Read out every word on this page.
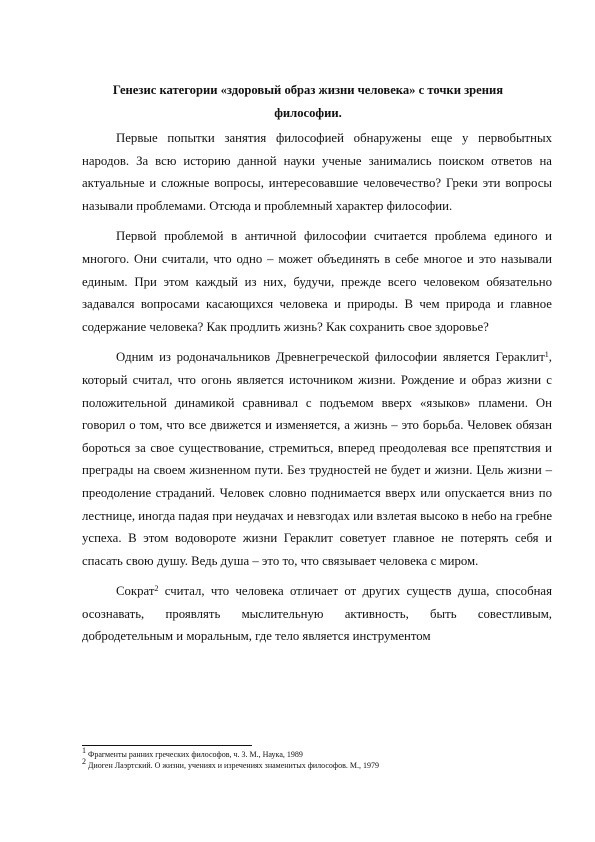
Генезис категории «здоровый образ жизни человека» с точки зрения
философии.

Первые попытки занятия философией обнаружены еще у первобытных народов. За всю историю данной науки ученые занимались поиском ответов на актуальные и сложные вопросы, интересовавшие человечество? Греки эти вопросы называли проблемами. Отсюда и проблемный характер философии.

Первой проблемой в античной философии считается проблема единого и многого. Они считали, что одно – может объединять в себе многое и это называли единым. При этом каждый из них, будучи, прежде всего человеком обязательно задавался вопросами касающихся человека и природы. В чем природа и главное содержание человека? Как продлить жизнь? Как сохранить свое здоровье?

Одним из родоначальников Древнегреческой философии является Гераклит$^1$, который считал, что огонь является источником жизни. Рождение и образ жизни с положительной динамикой сравнивал с подъемом вверх «языков» пламени. Он говорил о том, что все движется и изменяется, а жизнь – это борьба. Человек обязан бороться за свое существование, стремиться, вперед преодолевая все препятствия и преграды на своем жизненном пути. Без трудностей не будет и жизни. Цель жизни – преодоление страданий. Человек словно поднимается вверх или опускается вниз по лестнице, иногда падая при неудачах и невзгодах или взлетая высоко в небо на гребне успеха. В этом водовороте жизни Гераклит советует главное не потерять себя и спасать свою душу. Ведь душа – это то, что связывает человека с миром.

Сократ$^2$ считал, что человека отличает от других существ душа, способная осознавать, проявлять мыслительную активность, быть совестливым, добродетельным и моральным, где тело является инструментом

$^1$ Фрагменты ранних греческих философов, ч. 3. М., Наука, 1989
$^2$ Диоген Лаэртский. О жизни, учениях и изречениях знаменитых философов. М., 1979
